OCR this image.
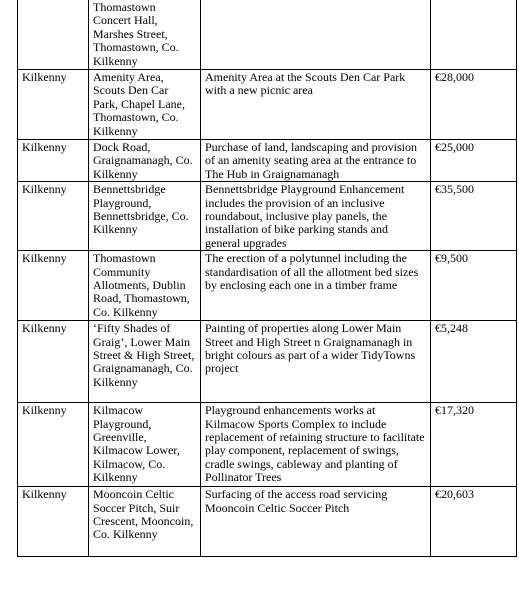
	Thomastown Concert Hall, Marshes Street, Thomastown, Co. Kilkenny		
Kilkenny	Amenity Area, Scouts Den Car Park, Chapel Lane, Thomastown, Co. Kilkenny	Amenity Area at the Scouts Den Car Park with a new picnic area	€28,000
Kilkenny	Dock Road, Graignamanagh, Co. Kilkenny	Purchase of land, landscaping and provision of an amenity seating area at the entrance to The Hub in Graignamanagh	€25,000
Kilkenny	Bennettsbridge Playground, Bennettsbridge, Co. Kilkenny	Bennettsbridge Playground Enhancement includes the provision of an inclusive roundabout, inclusive play panels, the installation of bike parking stands and general upgrades	€35,500
Kilkenny	Thomastown Community Allotments, Dublin Road, Thomastown, Co. Kilkenny	The erection of a polytunnel including the standardisation of all the allotment bed sizes by enclosing each one in a timber frame	€9,500
Kilkenny	‘Fifty Shades of Graig’, Lower Main Street & High Street, Graignamanagh, Co. Kilkenny	Painting of properties along Lower Main Street and High Street n Graignamanagh in bright colours as part of a wider TidyTowns project	€5,248
Kilkenny	Kilmacow Playground, Greenville, Kilmacow Lower, Kilmacow, Co. Kilkenny	Playground enhancements works at Kilmacow Sports Complex to include replacement of retaining structure to facilitate play component, replacement of swings, cradle swings, cableway and planting of Pollinator Trees	€17,320
Kilkenny	Mooncoin Celtic Soccer Pitch, Suir Crescent, Mooncoin, Co. Kilkenny	Surfacing of the access road servicing Mooncoin Celtic Soccer Pitch	€20,603
